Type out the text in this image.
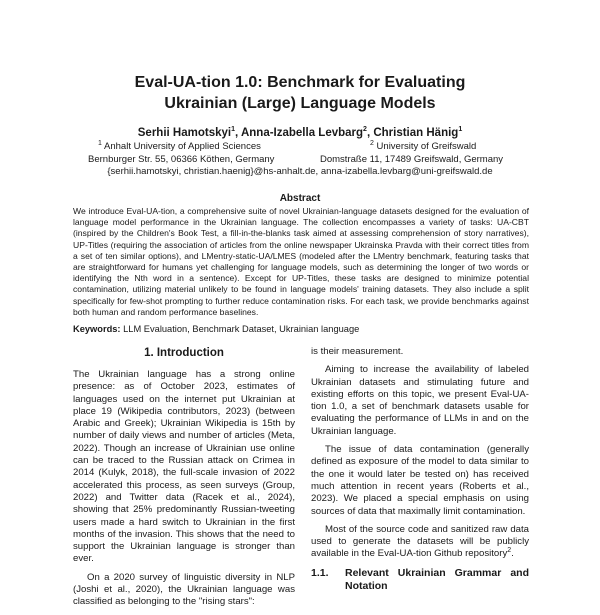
Eval-UA-tion 1.0: Benchmark for Evaluating
Ukrainian (Large) Language Models
Serhii Hamotskyi$^1$, Anna-Izabella Levbarg$^2$, Christian Hänig$^1$
$^1$ Anhalt University of Applied Sciences
Bernburger Str. 55, 06366 Köthen, Germany
$^2$ University of Greifswald
Domstraße 11, 17489 Greifswald, Germany
{serhii.hamotskyi, christian.haenig}@hs-anhalt.de, anna-izabella.levbarg@uni-greifswald.de
Abstract
We introduce Eval-UA-tion, a comprehensive suite of novel Ukrainian-language datasets designed for the evaluation of language model performance in the Ukrainian language. The collection encompasses a variety of tasks: UA-CBT (inspired by the Children's Book Test, a fill-in-the-blanks task aimed at assessing comprehension of story narratives), UP-Titles (requiring the association of articles from the online newspaper Ukrainska Pravda with their correct titles from a set of ten similar options), and LMentry-static-UA/LMES (modeled after the LMentry benchmark, featuring tasks that are straightforward for humans yet challenging for language models, such as determining the longer of two words or identifying the Nth word in a sentence). Except for UP-Titles, these tasks are designed to minimize potential contamination, utilizing material unlikely to be found in language models' training datasets. They also include a split specifically for few-shot prompting to further reduce contamination risks. For each task, we provide benchmarks against both human and random performance baselines.
Keywords: LLM Evaluation, Benchmark Dataset, Ukrainian language
1. Introduction

The Ukrainian language has a strong online presence: as of October 2023, estimates of languages used on the internet put Ukrainian at place 19 (Wikipedia contributors, 2023) (between Arabic and Greek); Ukrainian Wikipedia is 15th by number of daily views and number of articles (Meta, 2022). Though an increase of Ukrainian use online can be traced to the Russian attack on Crimea in 2014 (Kulyk, 2018), the full-scale invasion of 2022 accelerated this process, as seen surveys (Group, 2022) and Twitter data (Racek et al., 2024), showing that 25% predominantly Russian-tweeting users made a hard switch to Ukrainian in the first months of the invasion. This shows that the need to support the Ukrainian language is stronger than ever.

On a 2020 survey of linguistic diversity in NLP (Joshi et al., 2020), the Ukrainian language was classified as belonging to the "rising stars":

is their measurement.

Aiming to increase the availability of labeled Ukrainian datasets and stimulating future and existing efforts on this topic, we present Eval-UA-tion 1.0, a set of benchmark datasets usable for evaluating the performance of LLMs in and on the Ukrainian language.

The issue of data contamination (generally defined as exposure of the model to data similar to the one it would later be tested on) has received much attention in recent years (Roberts et al., 2023). We placed a special emphasis on using sources of data that maximally limit contamination.

Most of the source code and sanitized raw data used to generate the datasets will be publicly available in the Eval-UA-tion Github repository$^2$.

1.1.	Relevant Ukrainian Grammar and Notation
